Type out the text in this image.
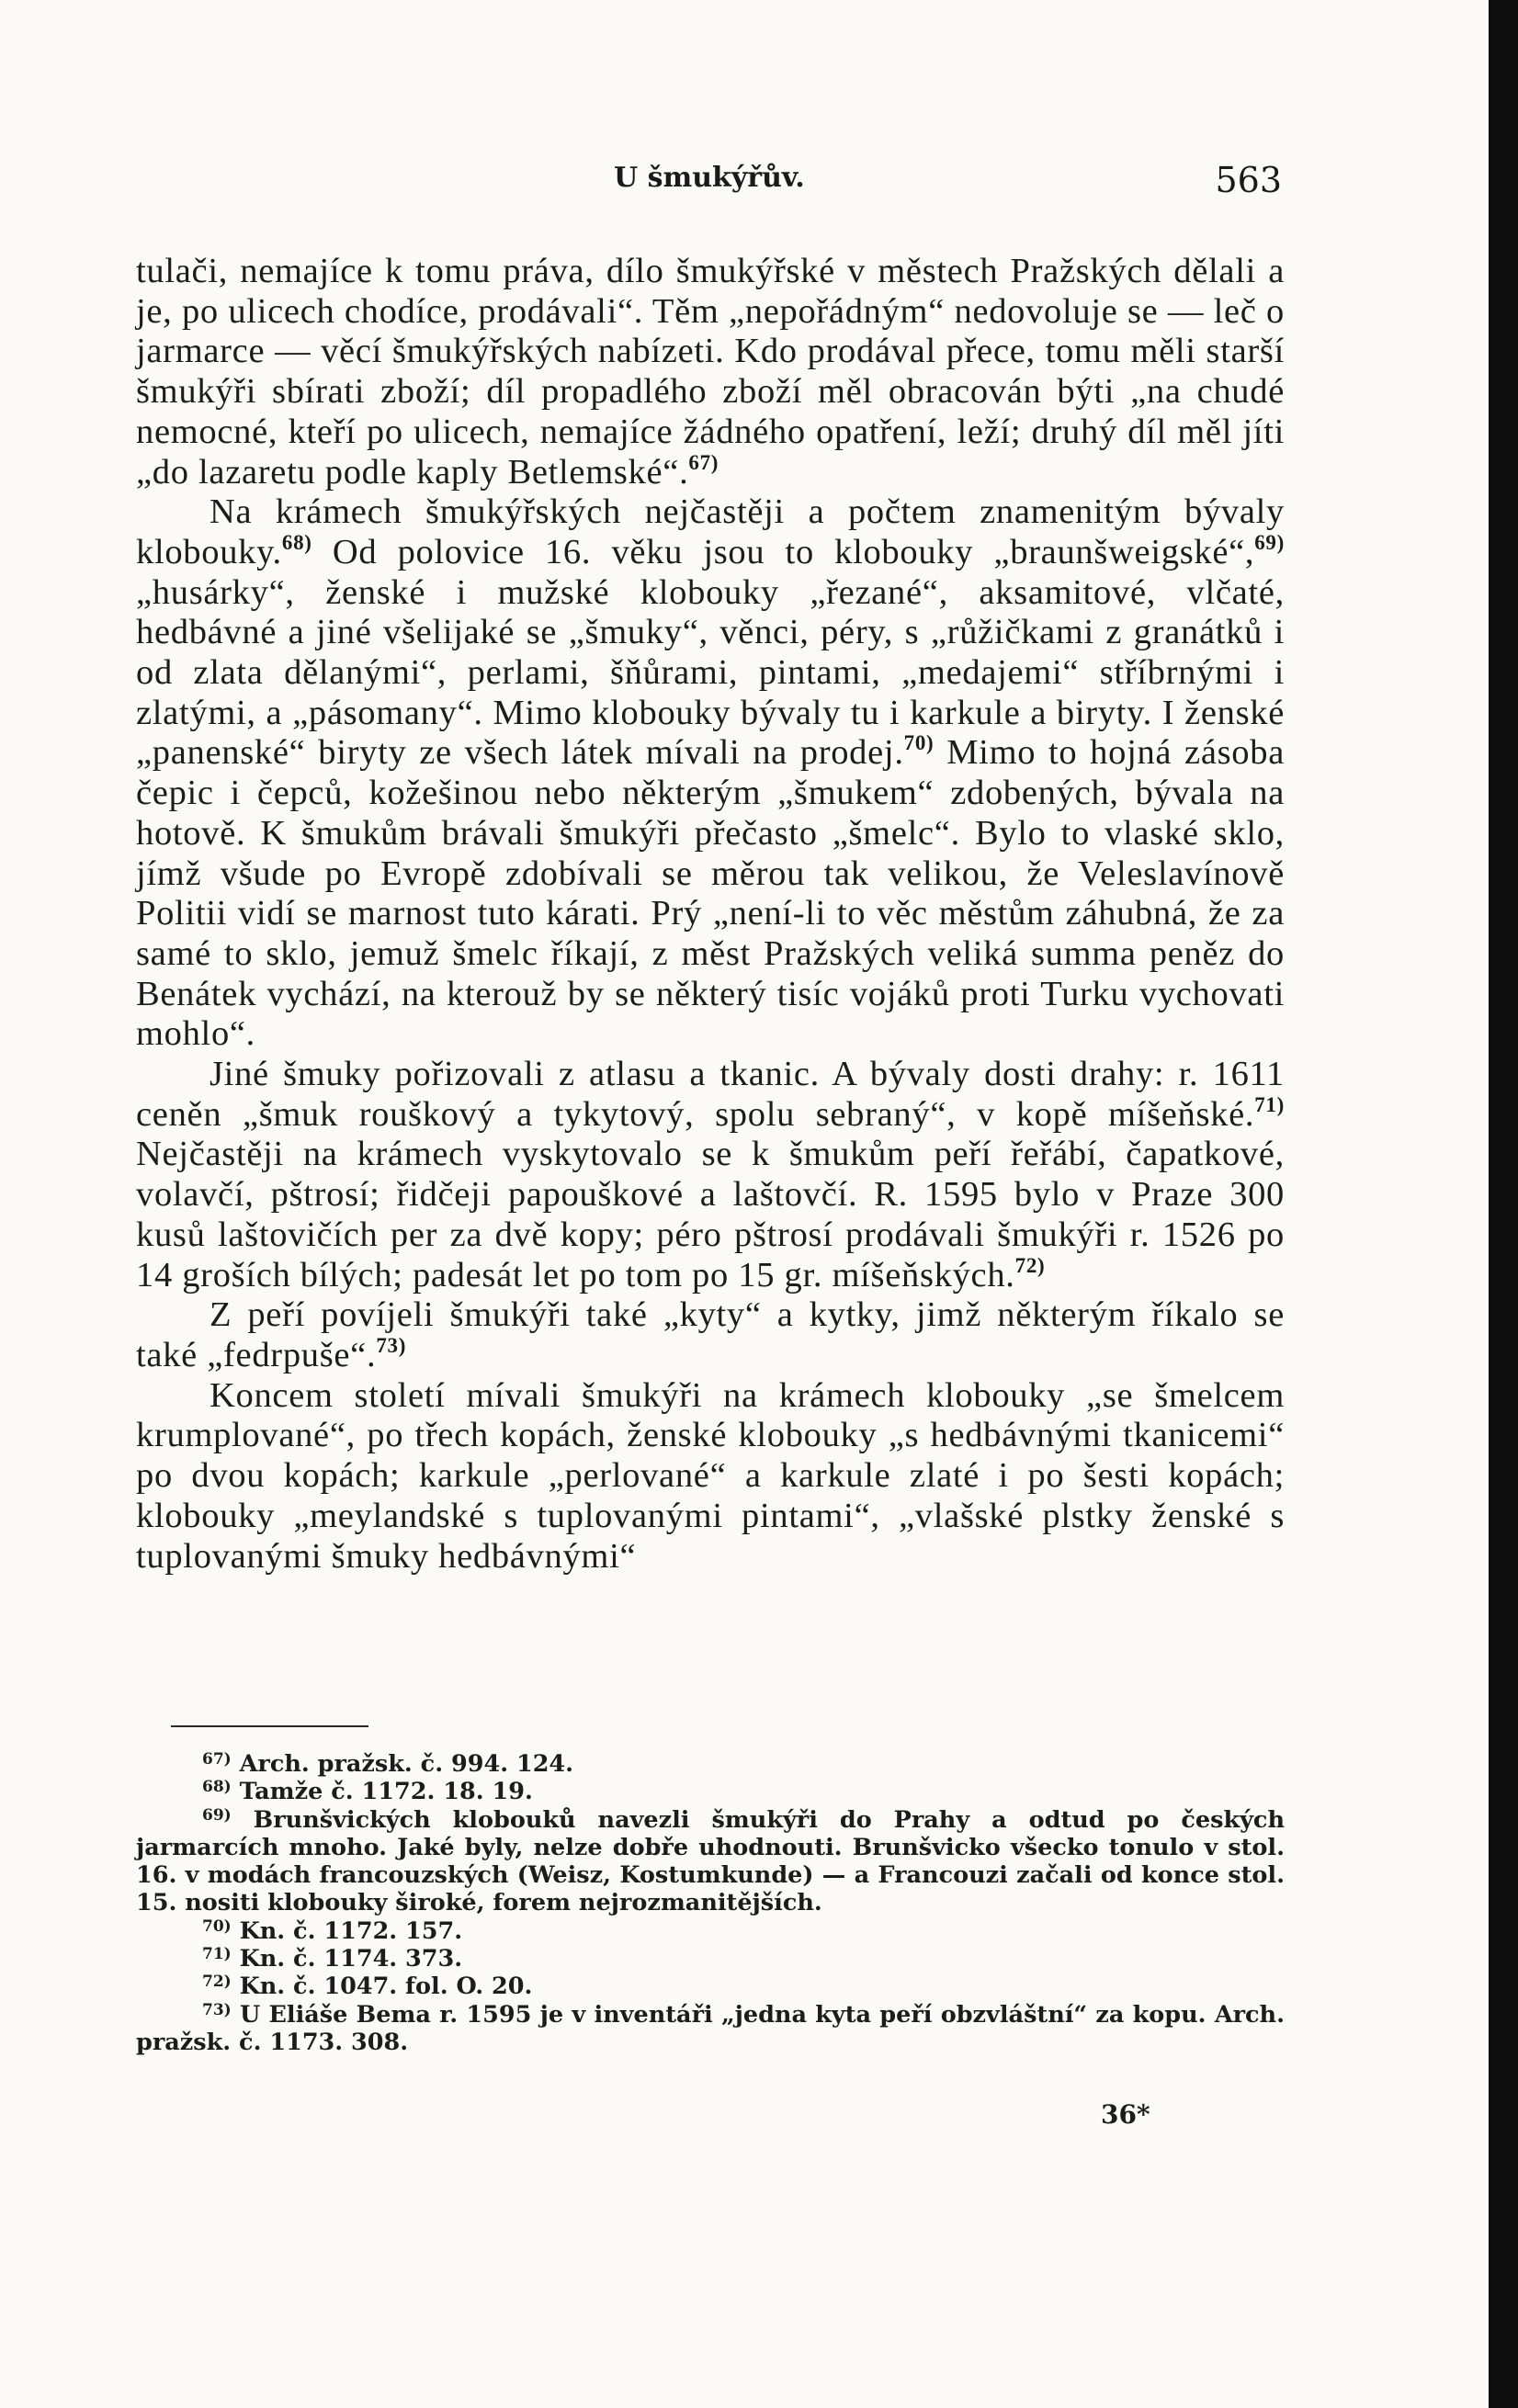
U šmukýřův.	563

tulači, nemajíce k tomu práva, dílo šmukýřské v městech Pražských dělali a je, po ulicech chodíce, prodávali“. Těm „nepořádným“ nedovoluje se — leč o jarmarce — věcí šmukýřských nabízeti. Kdo prodával přece, tomu měli starší šmukýři sbírati zboží; díl propadlého zboží měl obracován býti „na chudé nemocné, kteří po ulicech, nemajíce žádného opatření, leží; druhý díl měl jíti „do lazaretu podle kaply Betlemské“.$^{67)}$

Na krámech šmukýřských nejčastěji a počtem znamenitým bývaly klobouky.$^{68)}$ Od polovice 16. věku jsou to klobouky „braunšweigské“,$^{69)}$ „husárky“, ženské i mužské klobouky „řezané“, aksamitové, vlčaté, hedbávné a jiné všelijaké se „šmuky“, věnci, péry, s „růžičkami z granátků i od zlata dělanými“, perlami, šňůrami, pintami, „medajemi“ stříbrnými i zlatými, a „pásomany“. Mimo klobouky bývaly tu i karkule a biryty. I ženské „panenské“ biryty ze všech látek mívali na prodej.$^{70)}$ Mimo to hojná zásoba čepic i čepců, kožešinou nebo některým „šmukem“ zdobených, bývala na hotově. K šmukům brávali šmukýři přečasto „šmelc“. Bylo to vlaské sklo, jímž všude po Evropě zdobívali se měrou tak velikou, že Veleslavínově Politii vidí se marnost tuto kárati. Prý „není-li to věc městům záhubná, že za samé to sklo, jemuž šmelc říkají, z měst Pražských veliká summa peněz do Benátek vychází, na kterouž by se některý tisíc vojáků proti Turku vychovati mohlo“.

Jiné šmuky pořizovali z atlasu a tkanic. A bývaly dosti drahy: r. 1611 ceněn „šmuk rouškový a tykytový, spolu sebraný“, v kopě míšeňské.$^{71)}$ Nejčastěji na krámech vyskytovalo se k šmukům peří řeřábí, čapatkové, volavčí, pštrosí; řidčeji papouškové a laštovčí. R. 1595 bylo v Praze 300 kusů laštovičích per za dvě kopy; péro pštrosí prodávali šmukýři r. 1526 po 14 groších bílých; padesát let po tom po 15 gr. míšeňských.$^{72)}$

Z peří povíjeli šmukýři také „kyty“ a kytky, jimž některým říkalo se také „fedrpuše“.$^{73)}$

Koncem století mívali šmukýři na krámech klobouky „se šmelcem krumplované“, po třech kopách, ženské klobouky „s hedbávnými tkanicemi“ po dvou kopách; karkule „perlované“ a karkule zlaté i po šesti kopách; klobouky „meylandské s tuplovanými pintami“, „vlašské plstky ženské s tuplovanými šmuky hedbávnými“

$^{67)}$ Arch. pražsk. č. 994. 124.

$^{68)}$ Tamže č. 1172. 18. 19.

$^{69)}$ Brunšvických klobouků navezli šmukýři do Prahy a odtud po českých jarmarcích mnoho. Jaké byly, nelze dobře uhodnouti. Brunšvicko všecko tonulo v stol. 16. v modách francouzských (Weisz, Kostumkunde) — a Francouzi začali od konce stol. 15. nositi klobouky široké, forem nejrozmanitějších.

$^{70)}$ Kn. č. 1172. 157.

$^{71)}$ Kn. č. 1174. 373.

$^{72)}$ Kn. č. 1047. fol. O. 20.

$^{73)}$ U Eliáše Bema r. 1595 je v inventáři „jedna kyta peří obzvláštní“ za kopu. Arch. pražsk. č. 1173. 308.

36*
